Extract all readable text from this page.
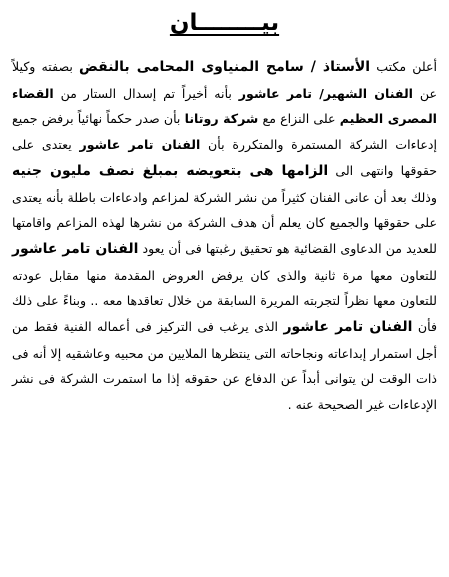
بيــــــــان

أعلن مكتب الأستاذ / سامح المنياوى المحامى بالنقض بصفته وكيلاً عن الفنان الشهير/ تامر عاشور بأنه أخيراً تم إسدال الستار من القضاء المصرى العظيم على النزاع مع شركة روتانا بأن صدر حكماً نهائياً برفض جميع إدعاءات الشركة المستمرة والمتكررة بأن الفنان تامر عاشور يعتدى على حقوقها وانتهى الى الزامها هى بتعويضه بمبلغ نصف مليون جنيه وذلك بعد أن عانى الفنان كثيراً من نشر الشركة لمزاعم وادعاءات باطلة بأنه يعتدى على حقوقها والجميع كان يعلم أن هدف الشركة من نشرها لهذه المزاعم واقامتها للعديد من الدعاوى القضائية هو تحقيق رغبتها فى أن يعود الفنان تامر عاشور للتعاون معها مرة ثانية والذى كان يرفض العروض المقدمة منها مقابل عودته للتعاون معها نظراً لتجربته المريرة السابقة من خلال تعاقدها معه .. وبناءً على ذلك فأن الفنان تامر عاشور الذى يرغب فى التركيز فى أعماله الفنية فقط من أجل استمرار إبداعاته ونجاحاته التى ينتظرها الملايين من محبيه وعاشقيه إلا أنه فى ذات الوقت لن يتوانى أبداً عن الدفاع عن حقوقه إذا ما استمرت الشركة فى نشر الإدعاءات غير الصحيحة عنه .
